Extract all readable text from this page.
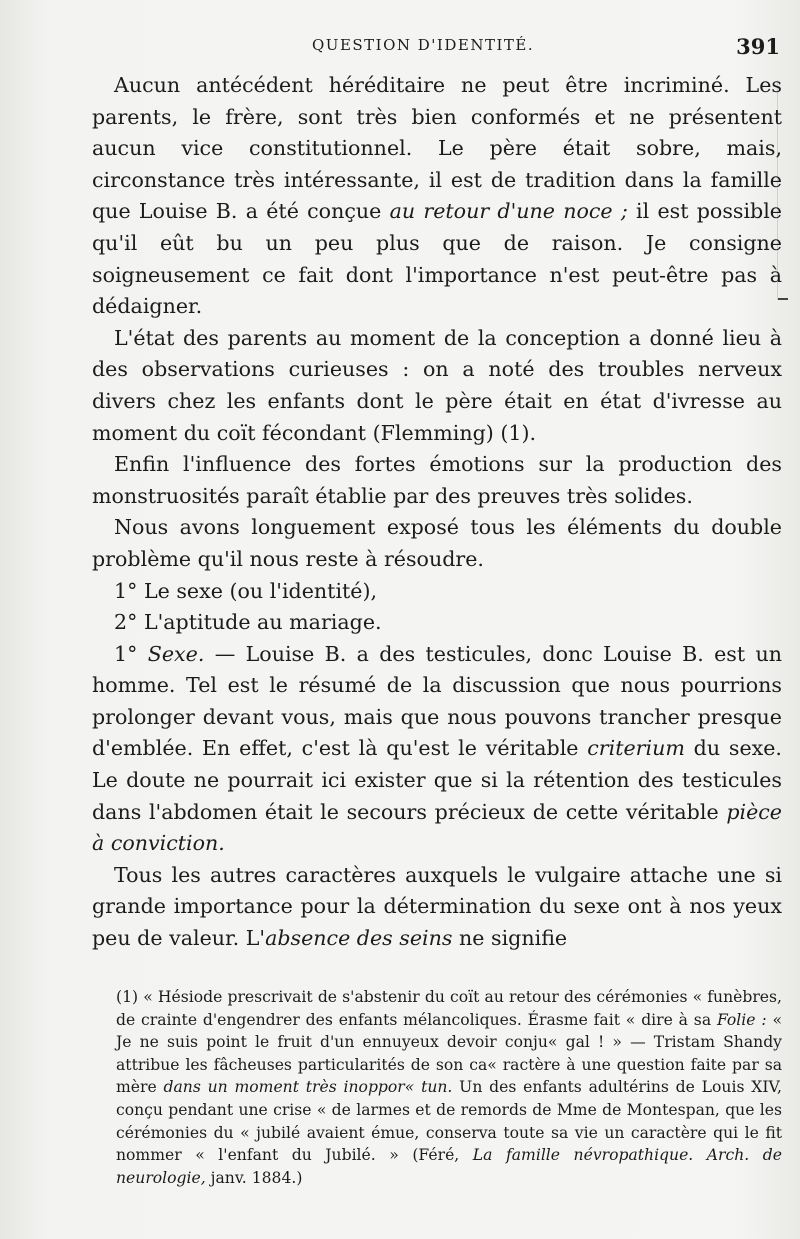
QUESTION D'IDENTITÉ.	391

Aucun antécédent héréditaire ne peut être incriminé. Les parents, le frère, sont très bien conformés et ne présentent aucun vice constitutionnel. Le père était sobre, mais, circonstance très intéressante, il est de tradition dans la famille que Louise B. a été conçue au retour d'une noce ; il est possible qu'il eût bu un peu plus que de raison. Je consigne soigneusement ce fait dont l'importance n'est peut-être pas à dédaigner.

L'état des parents au moment de la conception a donné lieu à des observations curieuses : on a noté des troubles nerveux divers chez les enfants dont le père était en état d'ivresse au moment du coït fécondant (Flemming) (1).

Enfin l'influence des fortes émotions sur la production des monstruosités paraît établie par des preuves très solides.

Nous avons longuement exposé tous les éléments du double problème qu'il nous reste à résoudre.

1° Le sexe (ou l'identité),

2° L'aptitude au mariage.

1° Sexe. — Louise B. a des testicules, donc Louise B. est un homme. Tel est le résumé de la discussion que nous pourrions prolonger devant vous, mais que nous pouvons trancher presque d'emblée. En effet, c'est là qu'est le véritable criterium du sexe. Le doute ne pourrait ici exister que si la rétention des testicules dans l'abdomen était le secours précieux de cette véritable pièce à conviction.

Tous les autres caractères auxquels le vulgaire attache une si grande importance pour la détermination du sexe ont à nos yeux peu de valeur. L'absence des seins ne signifie

(1) « Hésiode prescrivait de s'abstenir du coït au retour des cérémonies « funèbres, de crainte d'engendrer des enfants mélancoliques. Érasme fait « dire à sa Folie : « Je ne suis point le fruit d'un ennuyeux devoir conju« gal ! » — Tristam Shandy attribue les fâcheuses particularités de son ca« ractère à une question faite par sa mère dans un moment très inoppor« tun. Un des enfants adultérins de Louis XIV, conçu pendant une crise « de larmes et de remords de Mme de Montespan, que les cérémonies du « jubilé avaient émue, conserva toute sa vie un caractère qui le fit nommer « l'enfant du Jubilé. » (Féré, La famille névropathique. Arch. de neurologie, janv. 1884.)
